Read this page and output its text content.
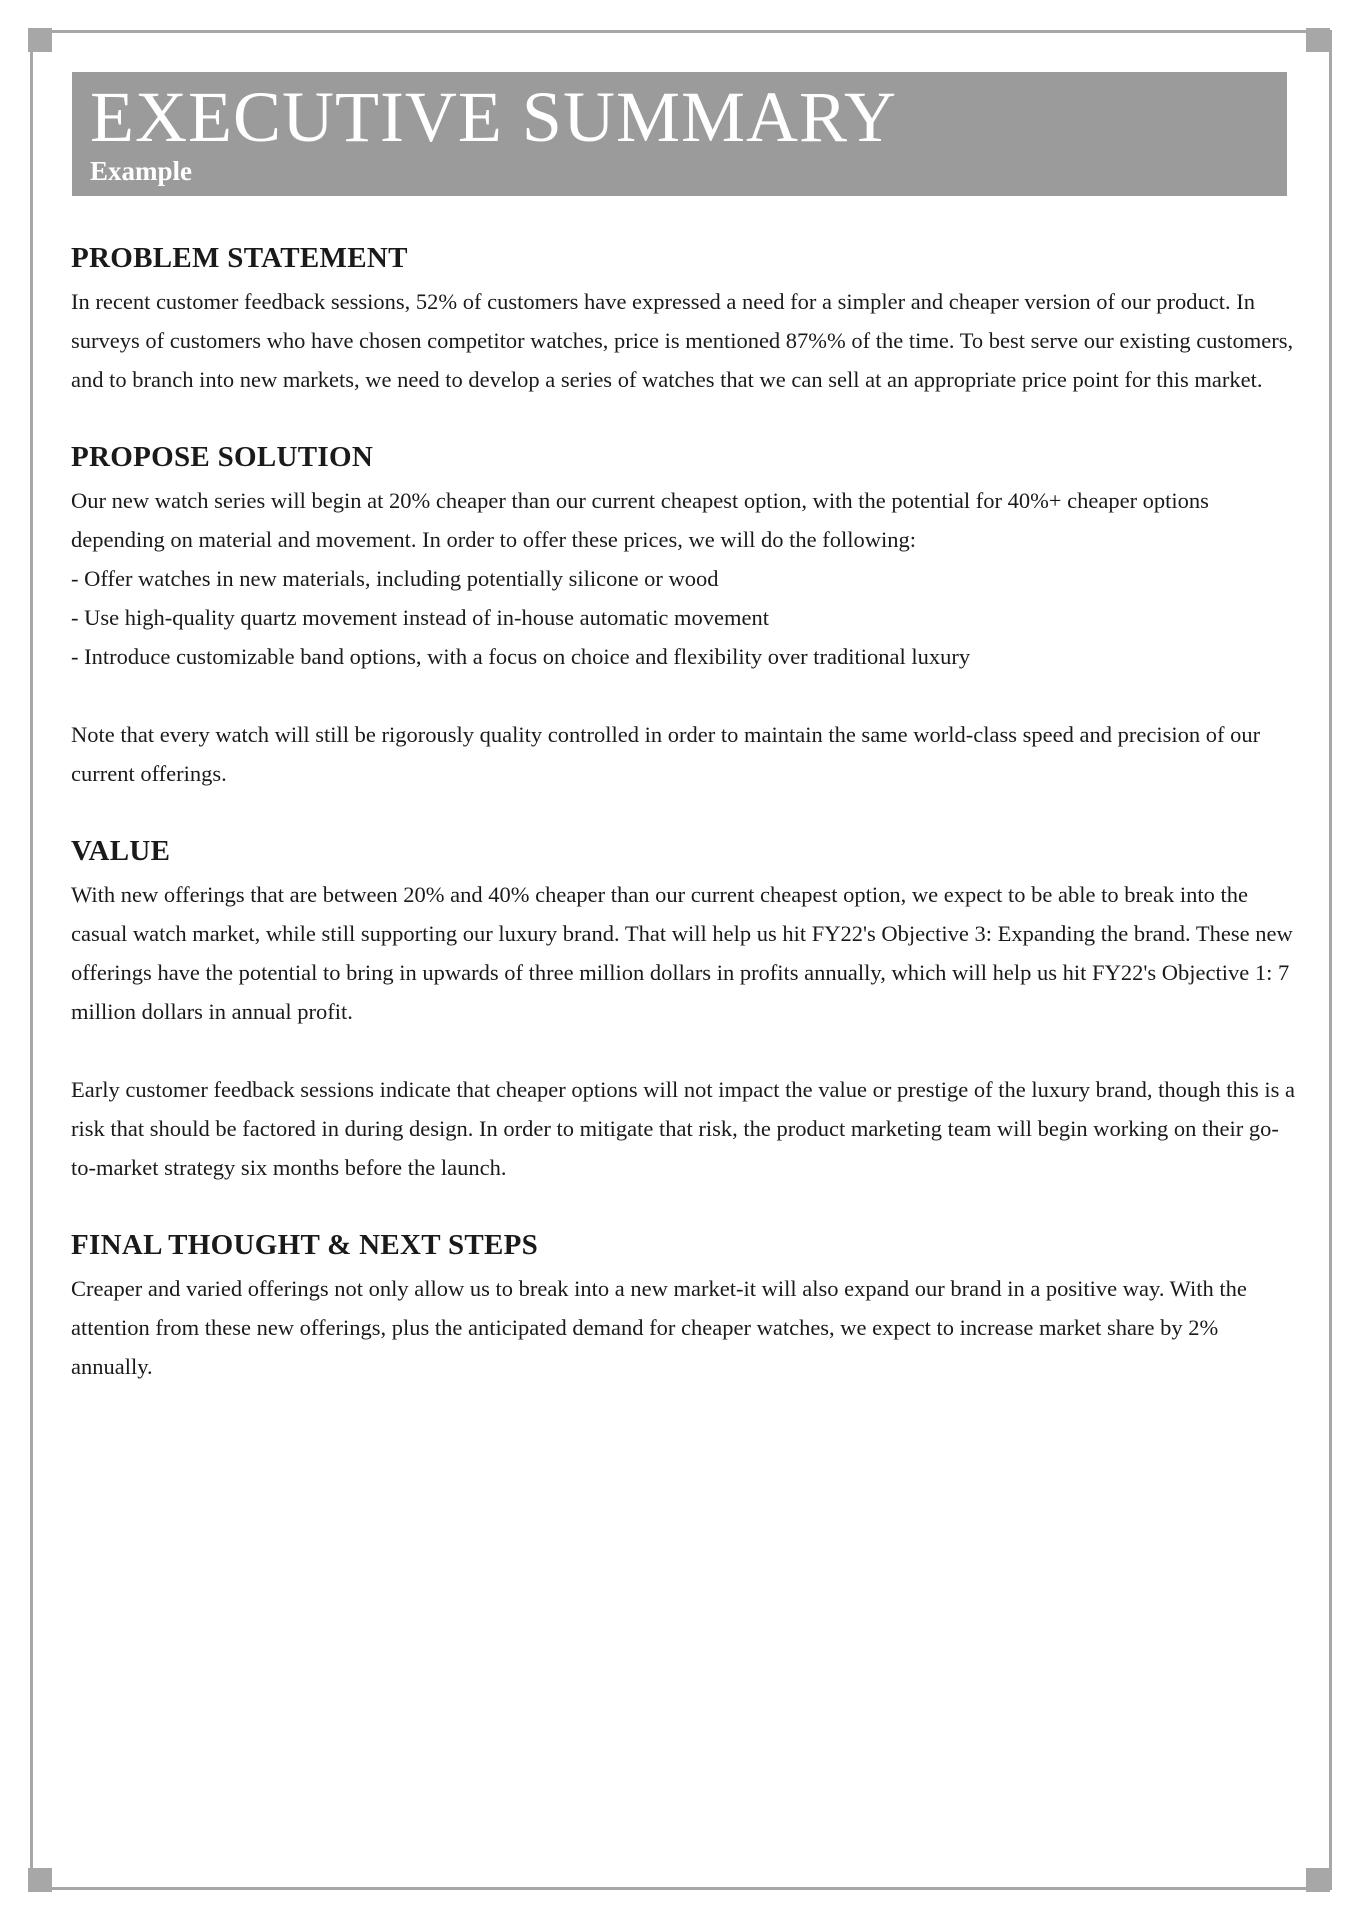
EXECUTIVE SUMMARY
Example
PROBLEM STATEMENT

In recent customer feedback sessions, 52% of customers have expressed a need for a simpler and cheaper version of our product. In surveys of customers who have chosen competitor watches, price is mentioned 87%% of the time. To best serve our existing customers, and to branch into new markets, we need to develop a series of watches that we can sell at an appropriate price point for this market.

PROPOSE SOLUTION

Our new watch series will begin at 20% cheaper than our current cheapest option, with the potential for 40%+ cheaper options depending on material and movement. In order to offer these prices, we will do the following:

- Offer watches in new materials, including potentially silicone or wood
- Use high-quality quartz movement instead of in-house automatic movement
- Introduce customizable band options, with a focus on choice and flexibility over traditional luxury

Note that every watch will still be rigorously quality controlled in order to maintain the same world-class speed and precision of our current offerings.

VALUE

With new offerings that are between 20% and 40% cheaper than our current cheapest option, we expect to be able to break into the casual watch market, while still supporting our luxury brand. That will help us hit FY22's Objective 3: Expanding the brand. These new offerings have the potential to bring in upwards of three million dollars in profits annually, which will help us hit FY22's Objective 1: 7 million dollars in annual profit.

Early customer feedback sessions indicate that cheaper options will not impact the value or prestige of the luxury brand, though this is a risk that should be factored in during design. In order to mitigate that risk, the product marketing team will begin working on their go-to-market strategy six months before the launch.

FINAL THOUGHT & NEXT STEPS

Creaper and varied offerings not only allow us to break into a new market-it will also expand our brand in a positive way. With the attention from these new offerings, plus the anticipated demand for cheaper watches, we expect to increase market share by 2% annually.
